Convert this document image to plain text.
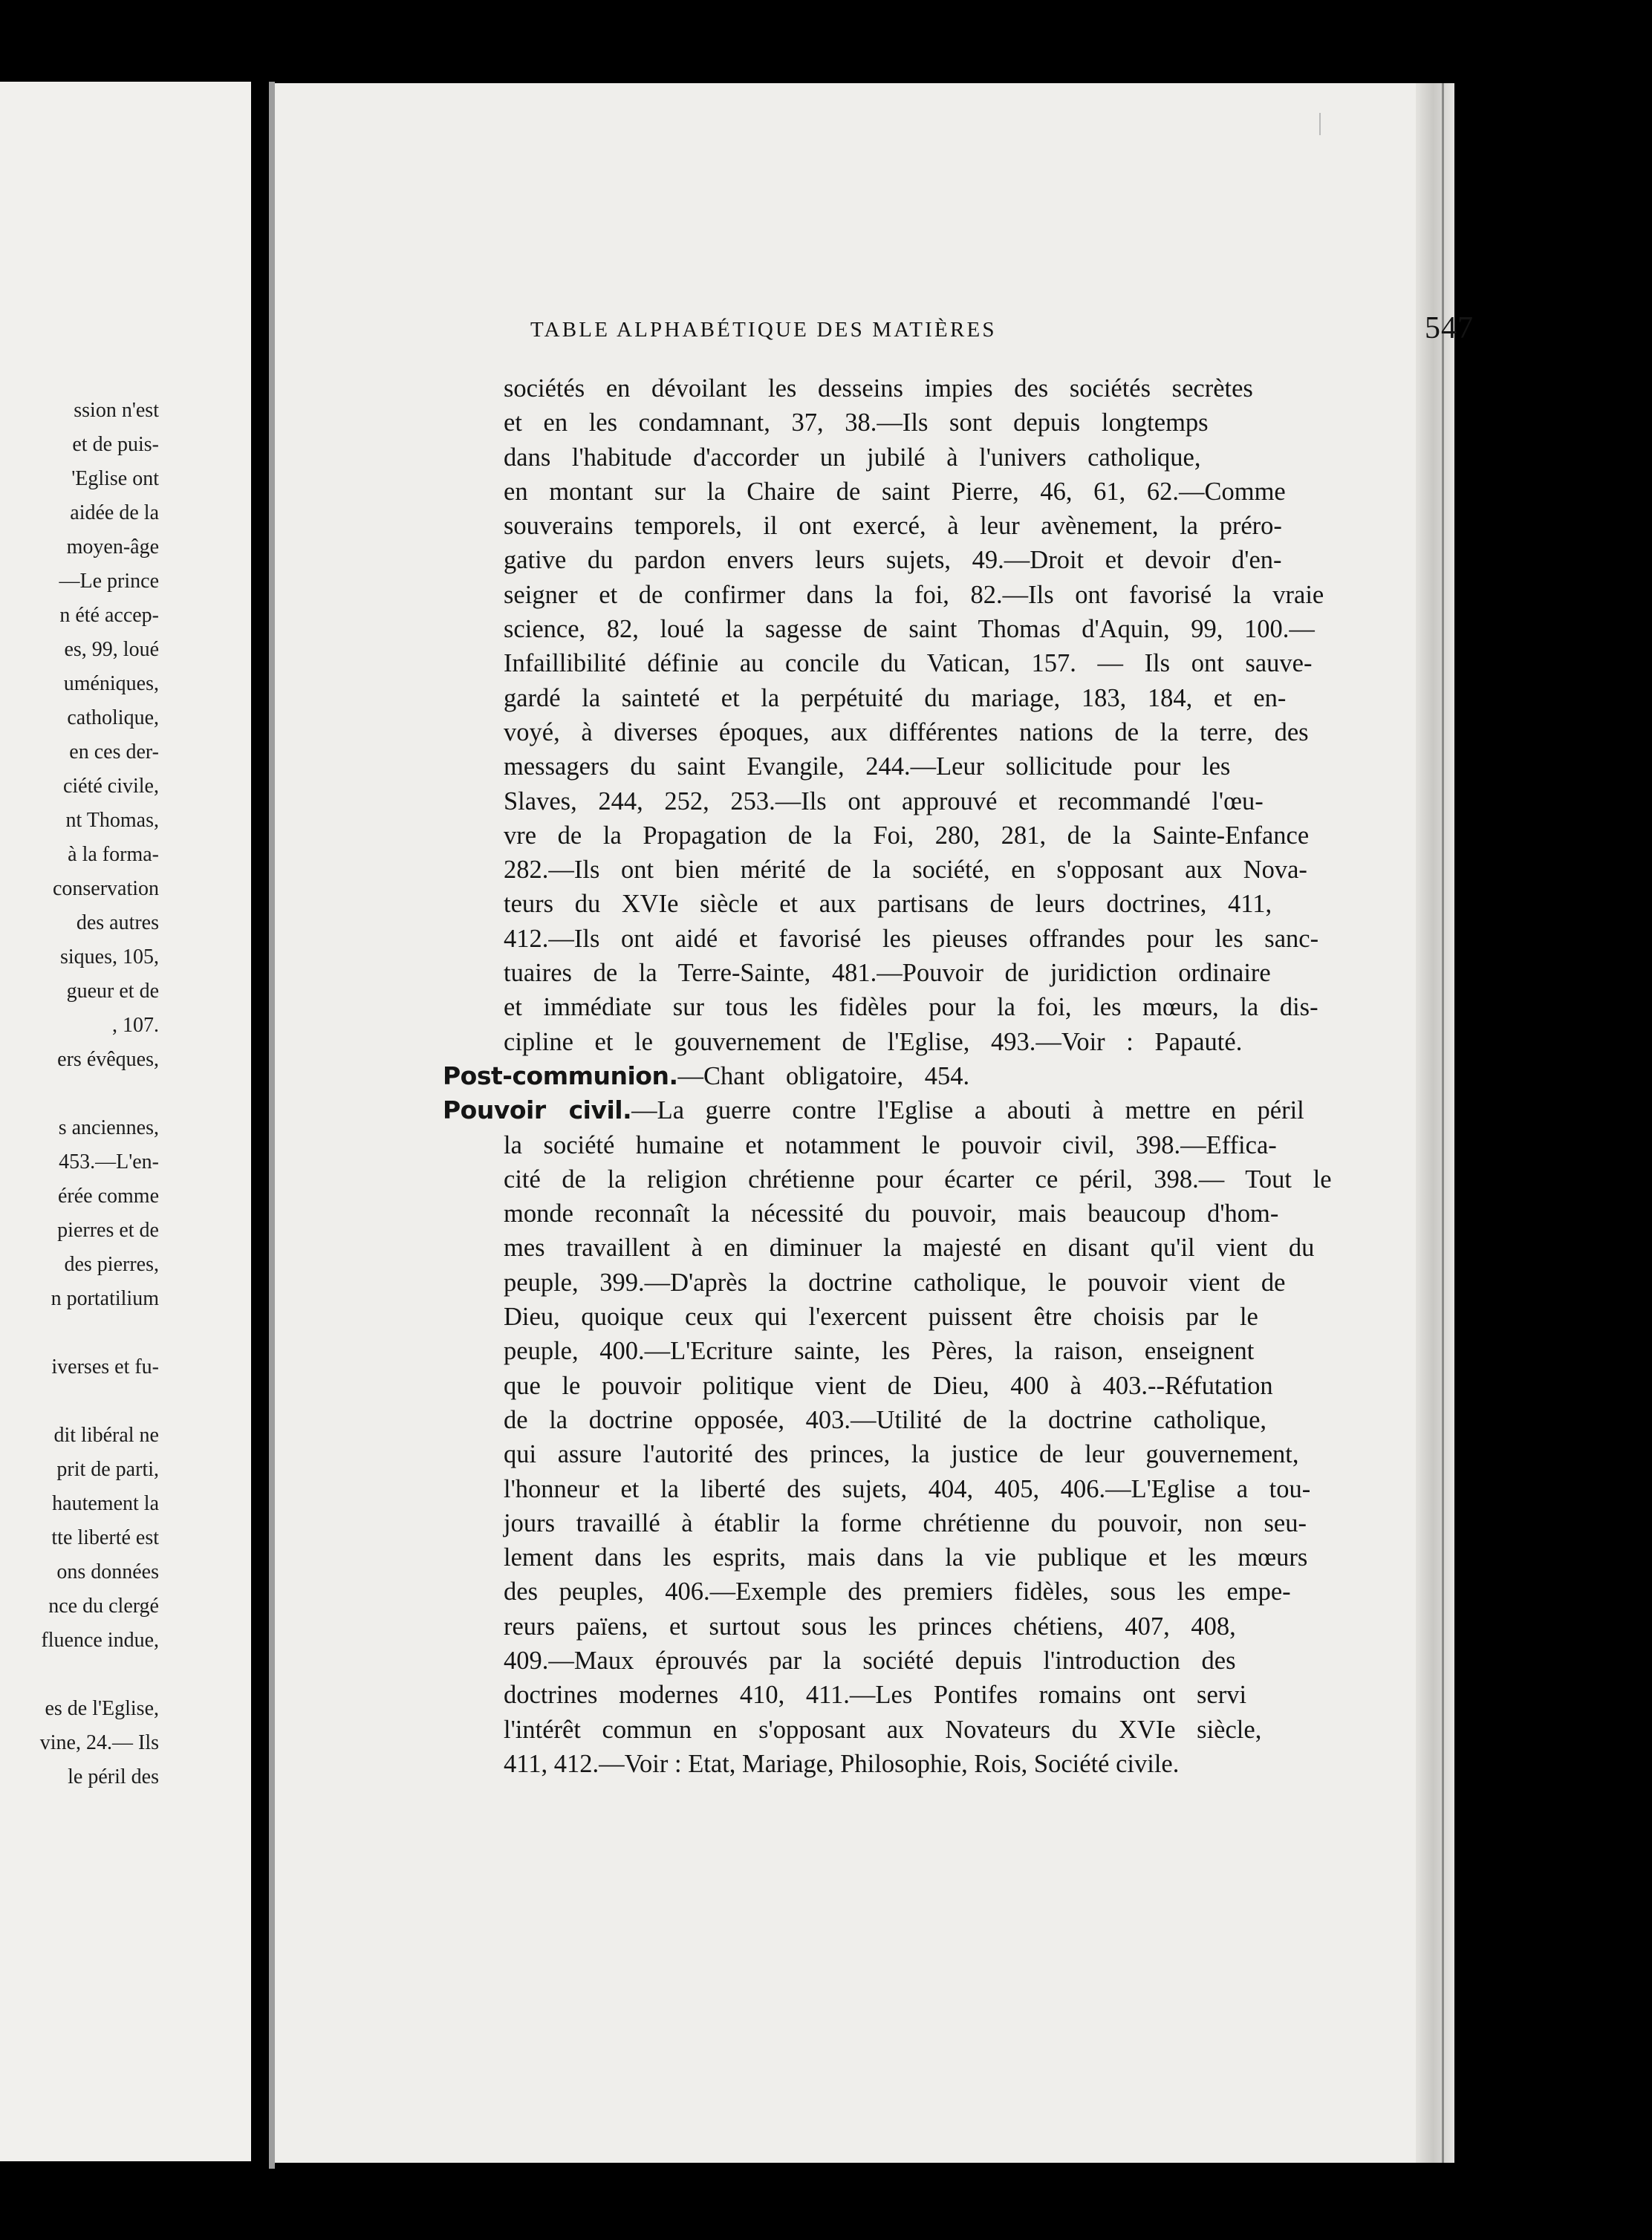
ssion n'est
et de puis-
'Eglise ont
aidée de la
moyen-âge
—Le prince
n été accep-
es, 99, loué
uméniques,
catholique,
en ces der-
ciété civile,
nt Thomas,
à la forma-
conservation
des autres
siques, 105,
gueur et de
, 107.
ers évêques,
s anciennes,
453.—L'en-
érée comme
pierres et de
des pierres,
n portatilium
iverses et fu-
dit libéral ne
prit de parti,
hautement la
tte liberté est
ons données
nce du clergé
fluence indue,
es de l'Eglise,
vine, 24.— Ils
le péril des
TABLE ALPHABÉTIQUE DES MATIÈRES	547
sociétés en dévoilant les desseins impies des sociétés secrètes
et en les condamnant, 37, 38.—Ils sont depuis longtemps
dans l'habitude d'accorder un jubilé à l'univers catholique,
en montant sur la Chaire de saint Pierre, 46, 61, 62.—Comme
souverains temporels, il ont exercé, à leur avènement, la préro-
gative du pardon envers leurs sujets, 49.—Droit et devoir d'en-
seigner et de confirmer dans la foi, 82.—Ils ont favorisé la vraie
science, 82, loué la sagesse de saint Thomas d'Aquin, 99, 100.—
Infaillibilité définie au concile du Vatican, 157. — Ils ont sauve-
gardé la sainteté et la perpétuité du mariage, 183, 184, et en-
voyé, à diverses époques, aux différentes nations de la terre, des
messagers du saint Evangile, 244.—Leur sollicitude pour les
Slaves, 244, 252, 253.—Ils ont approuvé et recommandé l'œu-
vre de la Propagation de la Foi, 280, 281, de la Sainte-Enfance
282.—Ils ont bien mérité de la société, en s'opposant aux Nova-
teurs du XVIe siècle et aux partisans de leurs doctrines, 411,
412.—Ils ont aidé et favorisé les pieuses offrandes pour les sanc-
tuaires de la Terre-Sainte, 481.—Pouvoir de juridiction ordinaire
et immédiate sur tous les fidèles pour la foi, les mœurs, la dis-
cipline et le gouvernement de l'Eglise, 493.—Voir : Papauté.
Post-communion.—Chant obligatoire, 454.
Pouvoir civil.—La guerre contre l'Eglise a abouti à mettre en péril
la société humaine et notamment le pouvoir civil, 398.—Effica-
cité de la religion chrétienne pour écarter ce péril, 398.— Tout le
monde reconnaît la nécessité du pouvoir, mais beaucoup d'hom-
mes travaillent à en diminuer la majesté en disant qu'il vient du
peuple, 399.—D'après la doctrine catholique, le pouvoir vient de
Dieu, quoique ceux qui l'exercent puissent être choisis par le
peuple, 400.—L'Ecriture sainte, les Pères, la raison, enseignent
que le pouvoir politique vient de Dieu, 400 à 403.--Réfutation
de la doctrine opposée, 403.—Utilité de la doctrine catholique,
qui assure l'autorité des princes, la justice de leur gouvernement,
l'honneur et la liberté des sujets, 404, 405, 406.—L'Eglise a tou-
jours travaillé à établir la forme chrétienne du pouvoir, non seu-
lement dans les esprits, mais dans la vie publique et les mœurs
des peuples, 406.—Exemple des premiers fidèles, sous les empe-
reurs païens, et surtout sous les princes chétiens, 407, 408,
409.—Maux éprouvés par la société depuis l'introduction des
doctrines modernes 410, 411.—Les Pontifes romains ont servi
l'intérêt commun en s'opposant aux Novateurs du XVIe siècle,
411, 412.—Voir : Etat, Mariage, Philosophie, Rois, Société civile.
